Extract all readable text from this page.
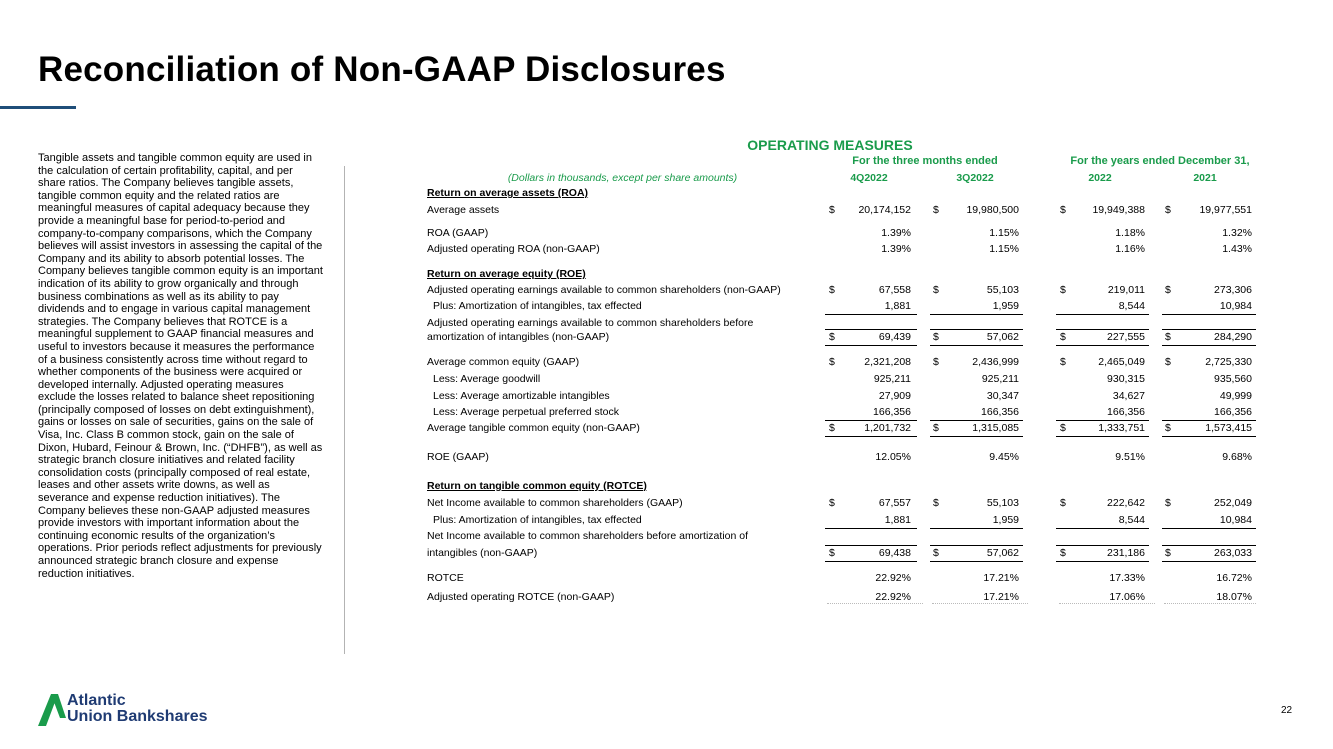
Reconciliation of Non-GAAP Disclosures
Tangible assets and tangible common equity are used in the calculation of certain profitability, capital, and per share ratios. The Company believes tangible assets, tangible common equity and the related ratios are meaningful measures of capital adequacy because they provide a meaningful base for period-to-period and company-to-company comparisons, which the Company believes will assist investors in assessing the capital of the Company and its ability to absorb potential losses. The Company believes tangible common equity is an important indication of its ability to grow organically and through business combinations as well as its ability to pay dividends and to engage in various capital management strategies. The Company believes that ROTCE is a meaningful supplement to GAAP financial measures and useful to investors because it measures the performance of a business consistently across time without regard to whether components of the business were acquired or developed internally. Adjusted operating measures exclude the losses related to balance sheet repositioning (principally composed of losses on debt extinguishment), gains or losses on sale of securities, gains on the sale of Visa, Inc. Class B common stock, gain on the sale of Dixon, Hubard, Feinour & Brown, Inc. (“DHFB”), as well as strategic branch closure initiatives and related facility consolidation costs (principally composed of real estate, leases and other assets write downs, as well as severance and expense reduction initiatives). The Company believes these non-GAAP adjusted measures provide investors with important information about the continuing economic results of the organization’s operations. Prior periods reflect adjustments for previously announced strategic branch closure and expense reduction initiatives.
OPERATING MEASURES
For the three months ended	For the years ended December 31,
(Dollars in thousands, except per share amounts)	4Q2022	3Q2022	2022	2021
Return on average assets (ROA)
Average assets	$	20,174,152 $	19,980,500	$	19,949,388 $	19,977,551
ROA (GAAP)	1.39%	1.15%	1.18%	1.32%
Adjusted operating ROA (non-GAAP)	1.39%	1.15%	1.16%	1.43%
Return on average equity (ROE)
Adjusted operating earnings available to common shareholders (non-GAAP)	$	67,558 $	55,103	$	219,011 $	273,306
Plus: Amortization of intangibles, tax effected	1,881	1,959	8,544	10,984
Adjusted operating earnings available to common shareholders before
amortization of intangibles (non-GAAP)	$	69,439 $	57,062	$	227,555 $	284,290
Average common equity (GAAP)	$	2,321,208 $	2,436,999	$	2,465,049 $	2,725,330
Less: Average goodwill	925,211	925,211	930,315	935,560
Less: Average amortizable intangibles	27,909	30,347	34,627	49,999
Less: Average perpetual preferred stock	166,356	166,356	166,356	166,356
Average tangible common equity (non-GAAP)	$	1,201,732 $	1,315,085	$	1,333,751 $	1,573,415
ROE (GAAP)	12.05%	9.45%	9.51%	9.68%
Return on tangible common equity (ROTCE)
Net Income available to common shareholders (GAAP)	$	67,557 $	55,103	$	222,642 $	252,049
Plus: Amortization of intangibles, tax effected	1,881	1,959	8,544	10,984
Net Income available to common shareholders before amortization of
intangibles (non-GAAP)	$	69,438 $	57,062	$	231,186 $	263,033
ROTCE	22.92%	17.21%	17.33%	16.72%
Adjusted operating ROTCE (non-GAAP)	22.92%	17.21%	17.06%	18.07%
Atlantic
Union Bankshares	22
